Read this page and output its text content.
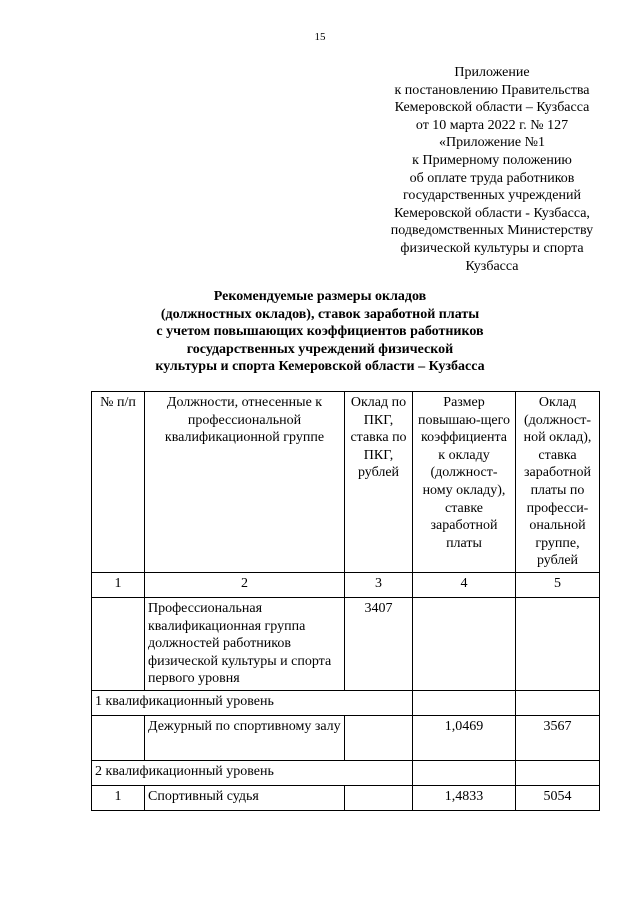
15
Приложение
к постановлению Правительства
Кемеровской области – Кузбасса
от 10 марта 2022 г. № 127
«Приложение №1
к Примерному положению
об оплате труда работников
государственных учреждений
Кемеровской области - Кузбасса,
подведомственных Министерству
физической культуры и спорта
Кузбасса
Рекомендуемые размеры окладов
(должностных окладов), ставок заработной платы
с учетом повышающих коэффициентов работников
государственных учреждений физической
культуры и спорта Кемеровской области – Кузбасса
№ п/п	Должности, отнесенные к профессиональной квалификационной группе	Оклад по ПКГ, ставка по ПКГ, рублей	Размер повышаю-щего коэффициента к окладу (должност-ному окладу), ставке заработной платы	Оклад (должност-ной оклад), ставка заработной платы по професси-ональной группе, рублей
1	2	3	4	5
	Профессиональная квалификационная группа должностей работников физической культуры и спорта первого уровня	3407		
1 квалификационный уровень				
	Дежурный по спортивному залу		1,0469	3567
2 квалификационный уровень				
1	Спортивный судья		1,4833	5054
